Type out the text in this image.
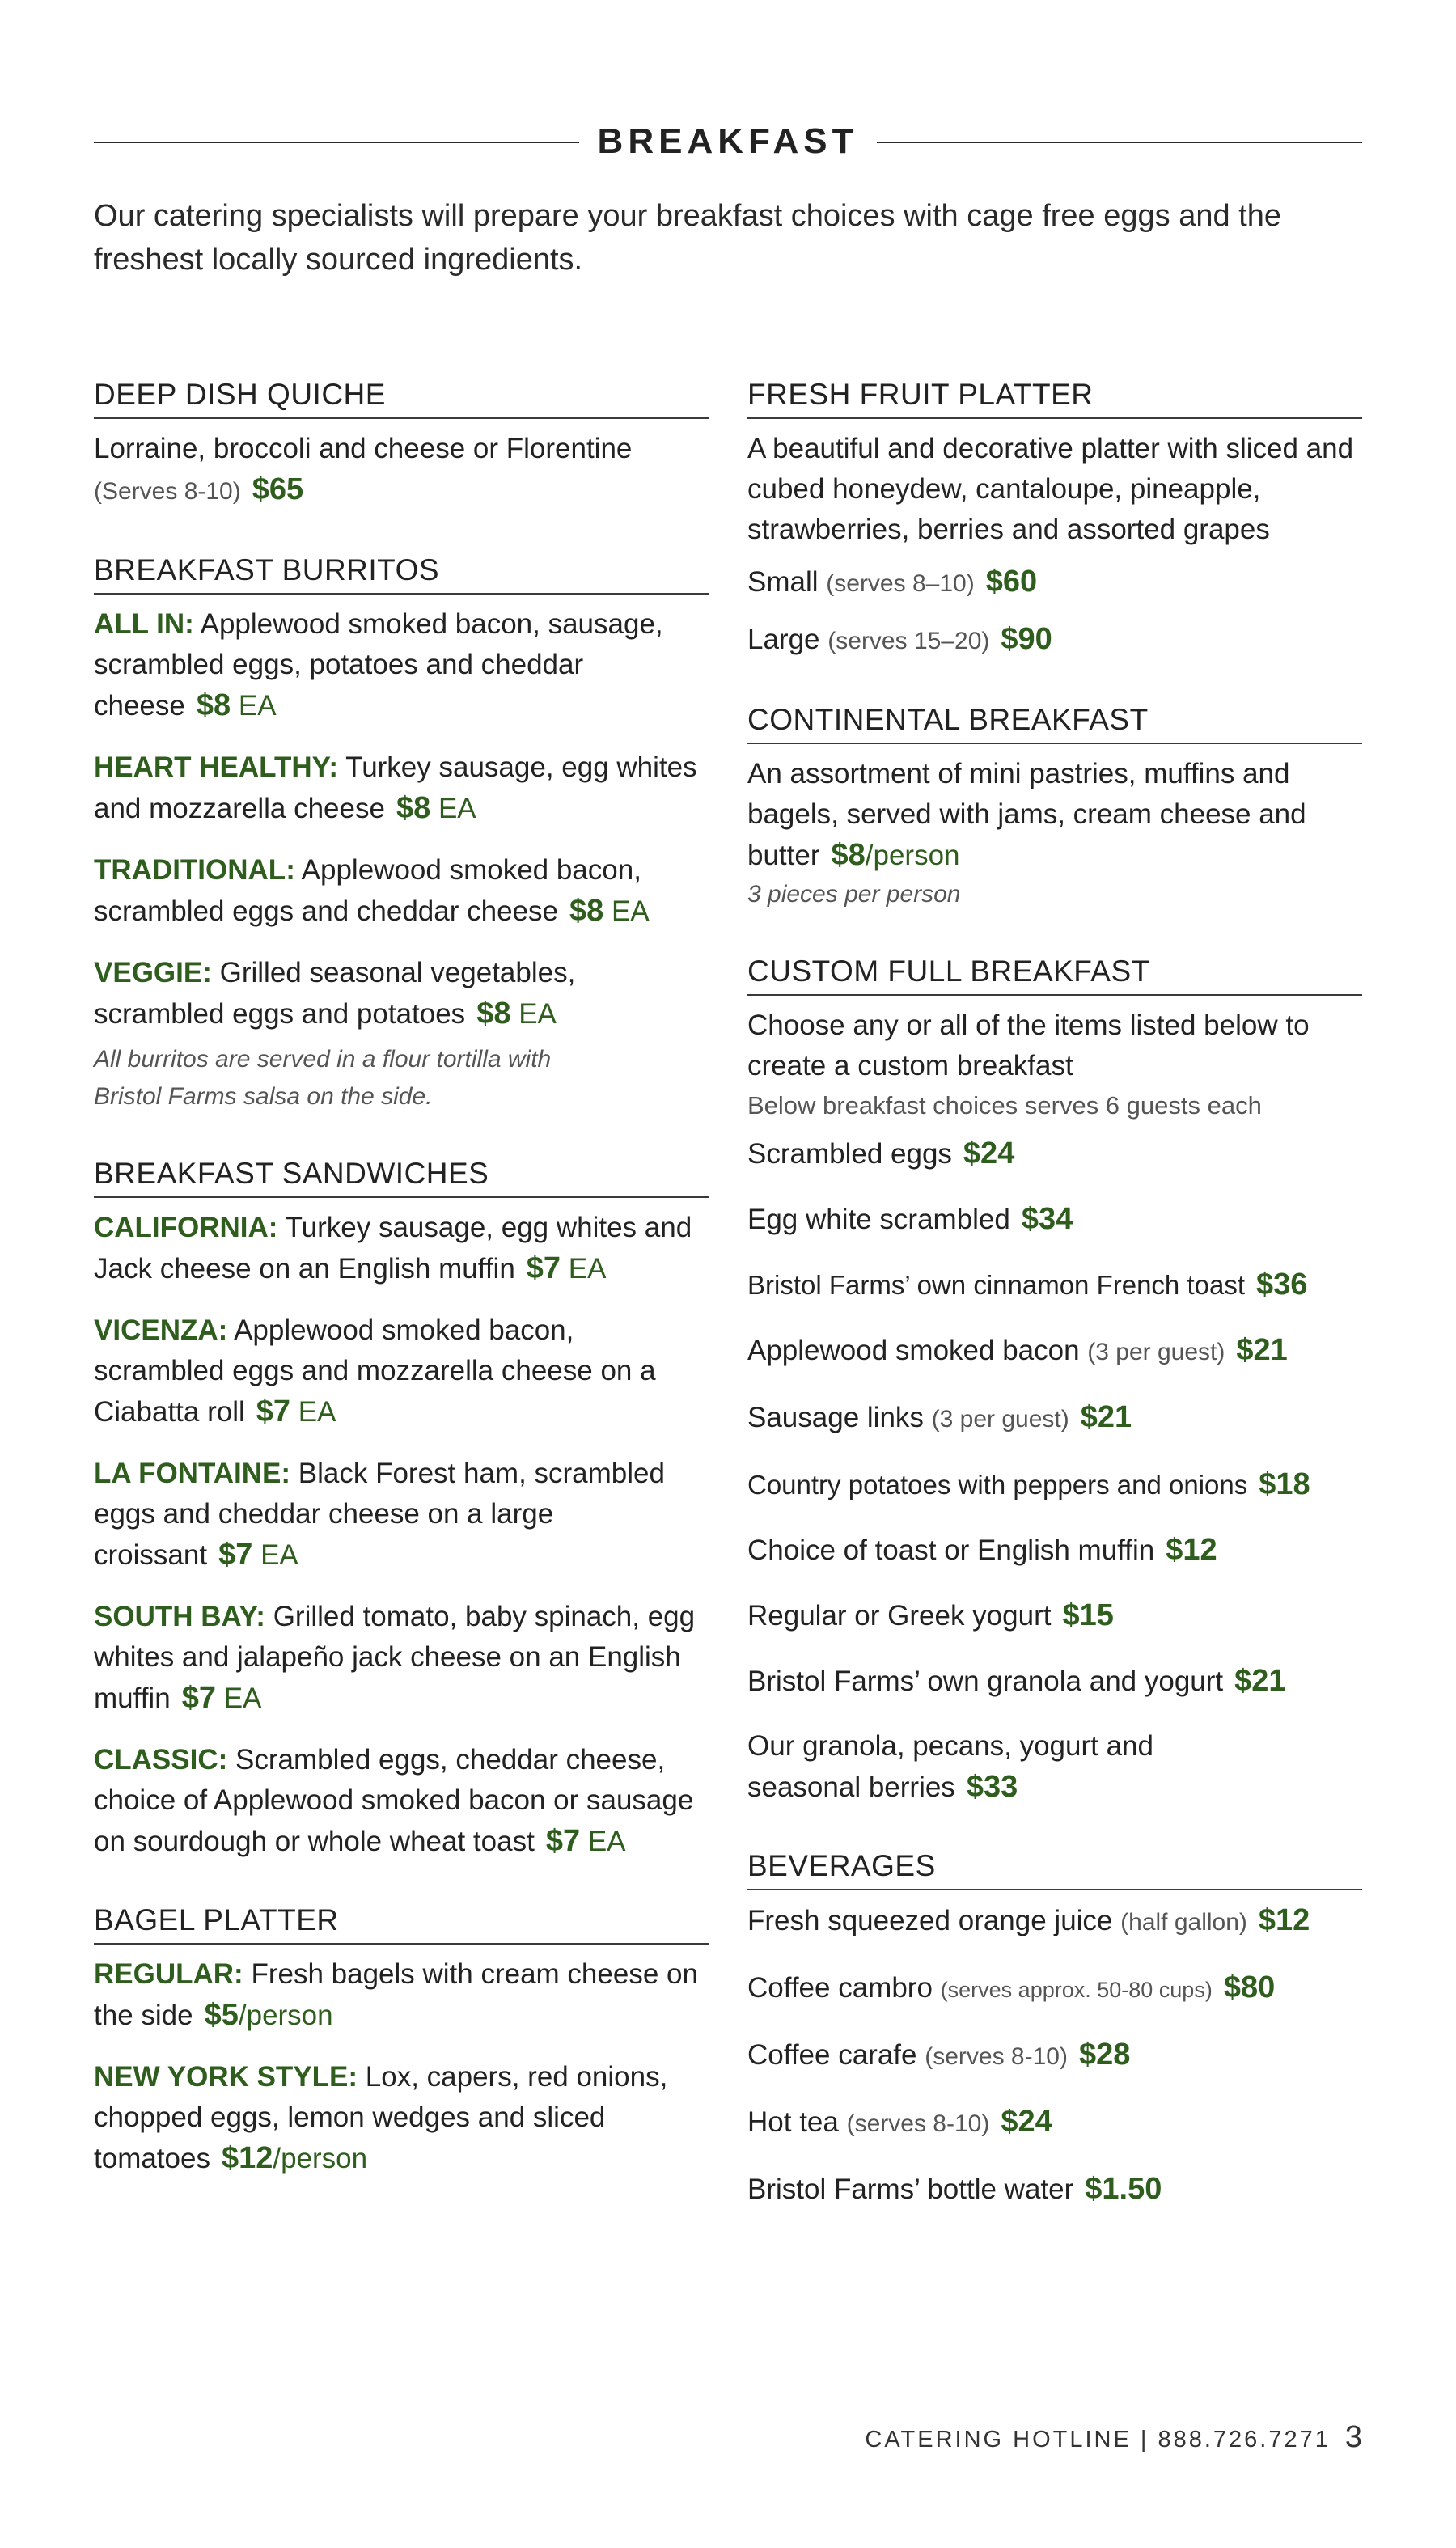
BREAKFAST
Our catering specialists will prepare your breakfast choices with cage free eggs and the freshest locally sourced ingredients.
DEEP DISH QUICHE

Lorraine, broccoli and cheese or Florentine
(Serves 8-10) $65

BREAKFAST BURRITOS

ALL IN: Applewood smoked bacon, sausage, scrambled eggs, potatoes and cheddar cheese $8 EA

HEART HEALTHY: Turkey sausage, egg whites and mozzarella cheese $8 EA

TRADITIONAL: Applewood smoked bacon, scrambled eggs and cheddar cheese $8 EA

VEGGIE: Grilled seasonal vegetables, scrambled eggs and potatoes $8 EA

All burritos are served in a flour tortilla with Bristol Farms salsa on the side.
BREAKFAST SANDWICHES

CALIFORNIA: Turkey sausage, egg whites and Jack cheese on an English muffin $7 EA

VICENZA: Applewood smoked bacon, scrambled eggs and mozzarella cheese on a Ciabatta roll $7 EA

LA FONTAINE: Black Forest ham, scrambled eggs and cheddar cheese on a large croissant $7 EA

SOUTH BAY: Grilled tomato, baby spinach, egg whites and jalapeño jack cheese on an English muffin $7 EA

CLASSIC: Scrambled eggs, cheddar cheese, choice of Applewood smoked bacon or sausage on sourdough or whole wheat toast $7 EA

BAGEL PLATTER

REGULAR: Fresh bagels with cream cheese on the side $5/person

NEW YORK STYLE: Lox, capers, red onions, chopped eggs, lemon wedges and sliced tomatoes $12/person

FRESH FRUIT PLATTER

A beautiful and decorative platter with sliced and cubed honeydew, cantaloupe, pineapple, strawberries, berries and assorted grapes

Small (serves 8–10) $60

Large (serves 15–20) $90

CONTINENTAL BREAKFAST

An assortment of mini pastries, muffins and bagels, served with jams, cream cheese and butter $8/person

3 pieces per person
CUSTOM FULL BREAKFAST

Choose any or all of the items listed below to create a custom breakfast

Below breakfast choices serves 6 guests each

Scrambled eggs $24

Egg white scrambled $34

Bristol Farms’ own cinnamon French toast $36

Applewood smoked bacon (3 per guest) $21

Sausage links (3 per guest) $21

Country potatoes with peppers and onions $18

Choice of toast or English muffin $12

Regular or Greek yogurt $15

Bristol Farms’ own granola and yogurt $21

Our granola, pecans, yogurt and seasonal berries $33

BEVERAGES

Fresh squeezed orange juice (half gallon) $12

Coffee cambro (serves approx. 50-80 cups) $80

Coffee carafe (serves 8-10) $28

Hot tea (serves 8-10) $24

Bristol Farms’ bottle water $1.50

CATERING HOTLINE | 888.726.7271 3
